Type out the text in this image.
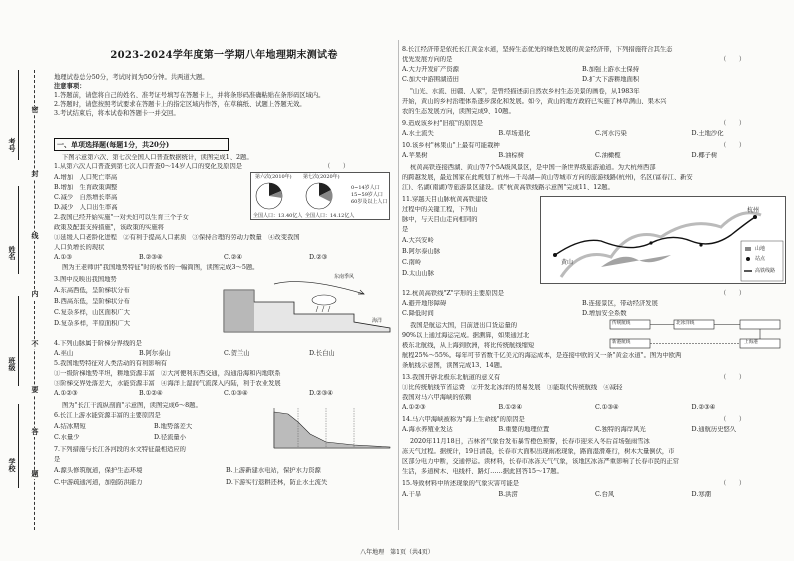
考号
姓名
班级
学校
密
封
线
内
不
要
答
题
2023-2024学年度第一学期八年地理期末测试卷

地理试卷总分50分，考试时间为50分钟。共两道大题。

注意事项：

1.答题前，请您将自己的姓名、准考证号填写在答题卡上，并将条形码准确粘贴在条形码区域内。

2.答题时，请您按照考试要求在答题卡上的指定区域内作答，在草稿纸、试题上答题无效。

3.考试结束后，将本试卷和答题卡一并交回。

一、单项选择题(每题1分，共20分)
下图示意第六次、第七次全国人口普查数据统计，读图完成1、2题。
1.从第六次人口普查到第七次人口普查0～14岁人口的变化及原因是	（　　）
A.增加　人口死亡率高
B.增加　生育政策调整
C.减少　自然增长率高
D.减少　人口出生率高
第六次(2010年) 第七次(2020年)
0~14岁人口
15~59岁人口
60岁及以上人口
全国人口：13.40亿人 全国人口：14.12亿人
2.我国已经开始实施"一对夫妇可以生育三个子女
政策及配套支持措施"，该政策的实施将
①延缓人口老龄化进程　②有利于提高人口素质　③保持合理的劳动力数量　④改变我国
人口负增长的现状
A.①③	B.②③④	C.②④	D.②③
图为王老师讲"我国地势特征"时的板书的一幅简图，读图完成3～5题。
3.图中反映出我国地势
A.东高西低，呈阶梯状分布
B.西高东低，呈阶梯状分布
C.复杂多样，山区面积广大
D.复杂多样，平原面积广大
东南季风
海洋
4.下列山脉属于阶梯分界线的是
A.巫山	B.阿尔泰山	C.贺兰山	D.长白山
5.我国地势特征对人类活动的有利影响有
①一级阶梯地势平坦，耕地资源丰富　②大河便利东西交通，沟通沿海和内地联系
③阶梯交界处落差大，水能资源丰富　④海洋上湿润气流深入内陆，利于农业发展
A.①②③	B.①②④	C.①③④	D.②③④
图为"长江干流纵剖面"示意图，读图完成6～8题。
6.长江上游水能资源丰富的主要原因是
A.结冰期短	B.地势落差大
C.水量少	D.径流量小
7.下列措施与长江各河段的水文特征最相适应的
是
A.源头修筑航道，保护生态环境	B.上游新建水电站，保护水力资源
C.中游疏通河道，加强防洪能力	D.下游实行退耕还林，防止水土流失
8.长江经济带是依托长江黄金水道，坚持生态优先的绿色发展的黄金经济带，下列措施符合其生态
优先发展方向的是
A.大力开发矿产资源	B.加强上游水土保持
C.加大中游围湖造田	D.扩大下游耕地面积
"山光、水流、田疆、人家"，是曾经描述前自然农乡村生态美景的画卷，从1983年
开始，黄山的乡村治理体系逐步深化和发展。如今，黄山的地方政府已实施了林草满山、果木兴
农的生态发展方向，读图完成9、10题。
9.造成该乡村"旧痕"的原因是
A.水土流失	B.草场退化	C.河水污染	D.土地沙化
10.该乡村"林果山"上最有可能栽种
A.苹果树	B.油棕树	C.油橄榄	D.椰子树
杭黄高铁连接西湖、黄山等7个5A级风景区，是中国一条世界级旅游通道。为大杭州西部
的跨越发展，最近国家在此规划了杭州—千岛湖—黄山等城市方向的旅游线路(杭州)，名区(富春江、新安
江)、名湖(南湖)等旅游景区建设。读"杭黄高铁线路示意图"完成11、12题。
11.穿越天目山脉杭黄高铁建设
过程中的关键工程，下列山
脉中，与天目山走向相同的
是
A.大兴安岭
B.阿尔泰山脉
C.南岭
D.太山山脉
杭州
黄山
山地
站点
高铁线路
12.杭黄高铁线"Z"字形的主要原因是
A.避开地形障碍	B.连接景区，带动经济发展
C.降低时间	D.增加安全系数
我国是航运大国，目前进出口货运量的
90%以上通过海运完成。据测算，如果通过北
极东北航线，从上海到欧洲，将比传统航线缩短
航程25%～55%。每年可节省数千亿美元的海运成本，是连接中欧的又一条"黄金水道"。图为中欧两
条航线示意图，读图完成13、14题。
传统航线	北冰洋线
新港航线	上海港
13.我国开辟北极东北航道的意义有
①比传统航线节省运费　②开发北冰洋的贸易发展　③能取代传统航线　④减轻
我国对马六甲海峡的依赖
A.①②③	B.①②④	C.①③④	D.②③④
14.马六甲海峡被称为"海上生命线"的原因是
A.海水养殖业发达	B.重要的地理位置	C.独特的海岸风光	D.通航历史悠久
2020年11月18日，吉林省气象台发布暴雪橙色预警，长春市迎来入冬后首场强雨雪冰
冻天气过程。据统计，19日清晨，长春市大面积出现雨凇现象，路面湿滑难行，树木大量倒伏，市
区部分电力中断，交通停运。读材料，长春市冰冻天气气象，该地区冰冻严重影响了长春市民的正常
生活，多道树木、电线杆、路灯……据此回答15～17题。
15.导致材料中所述现象的气象灾害可能是
A.干旱	B.洪涝	C.台风	D.寒潮
（　　）
（　　）
（　　）
（　　）
（　　）
（　　）
（　　）
八年地理　第1页（共4页）
